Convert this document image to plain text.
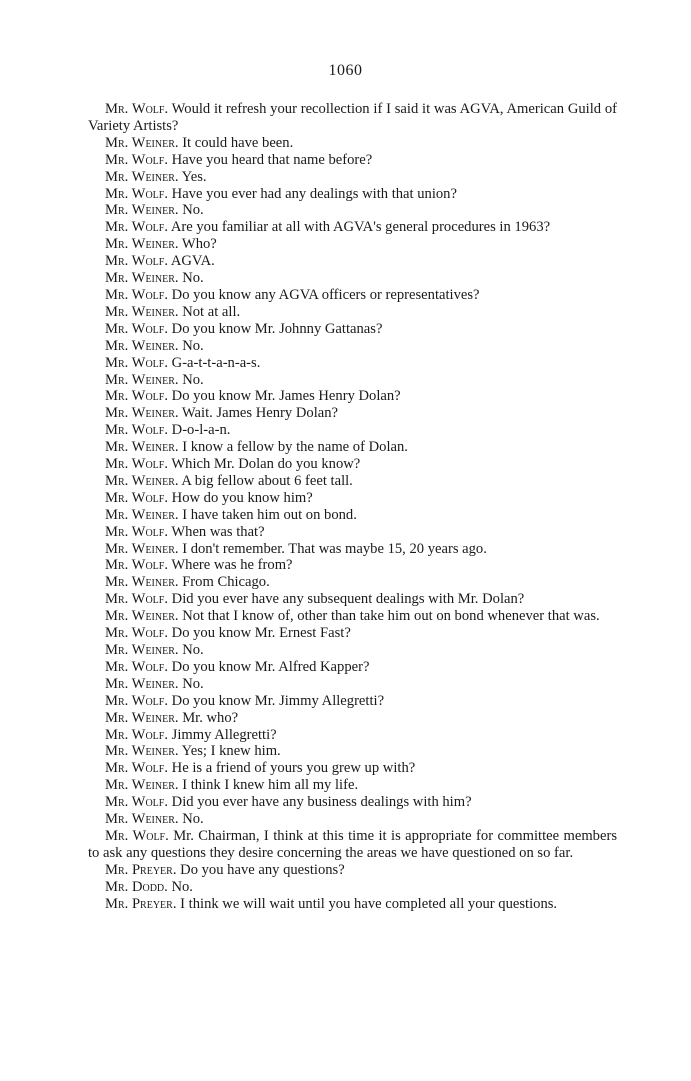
1060

Mr. Wolf. Would it refresh your recollection if I said it was AGVA, American Guild of Variety Artists?

Mr. Weiner. It could have been.

Mr. Wolf. Have you heard that name before?

Mr. Weiner. Yes.

Mr. Wolf. Have you ever had any dealings with that union?

Mr. Weiner. No.

Mr. Wolf. Are you familiar at all with AGVA's general procedures in 1963?

Mr. Weiner. Who?

Mr. Wolf. AGVA.

Mr. Weiner. No.

Mr. Wolf. Do you know any AGVA officers or representatives?

Mr. Weiner. Not at all.

Mr. Wolf. Do you know Mr. Johnny Gattanas?

Mr. Weiner. No.

Mr. Wolf. G-a-t-t-a-n-a-s.

Mr. Weiner. No.

Mr. Wolf. Do you know Mr. James Henry Dolan?

Mr. Weiner. Wait. James Henry Dolan?

Mr. Wolf. D-o-l-a-n.

Mr. Weiner. I know a fellow by the name of Dolan.

Mr. Wolf. Which Mr. Dolan do you know?

Mr. Weiner. A big fellow about 6 feet tall.

Mr. Wolf. How do you know him?

Mr. Weiner. I have taken him out on bond.

Mr. Wolf. When was that?

Mr. Weiner. I don't remember. That was maybe 15, 20 years ago.

Mr. Wolf. Where was he from?

Mr. Weiner. From Chicago.

Mr. Wolf. Did you ever have any subsequent dealings with Mr. Dolan?

Mr. Weiner. Not that I know of, other than take him out on bond whenever that was.

Mr. Wolf. Do you know Mr. Ernest Fast?

Mr. Weiner. No.

Mr. Wolf. Do you know Mr. Alfred Kapper?

Mr. Weiner. No.

Mr. Wolf. Do you know Mr. Jimmy Allegretti?

Mr. Weiner. Mr. who?

Mr. Wolf. Jimmy Allegretti?

Mr. Weiner. Yes; I knew him.

Mr. Wolf. He is a friend of yours you grew up with?

Mr. Weiner. I think I knew him all my life.

Mr. Wolf. Did you ever have any business dealings with him?

Mr. Weiner. No.

Mr. Wolf. Mr. Chairman, I think at this time it is appropriate for committee members to ask any questions they desire concerning the areas we have questioned on so far.

Mr. Preyer. Do you have any questions?

Mr. Dodd. No.

Mr. Preyer. I think we will wait until you have completed all your questions.
